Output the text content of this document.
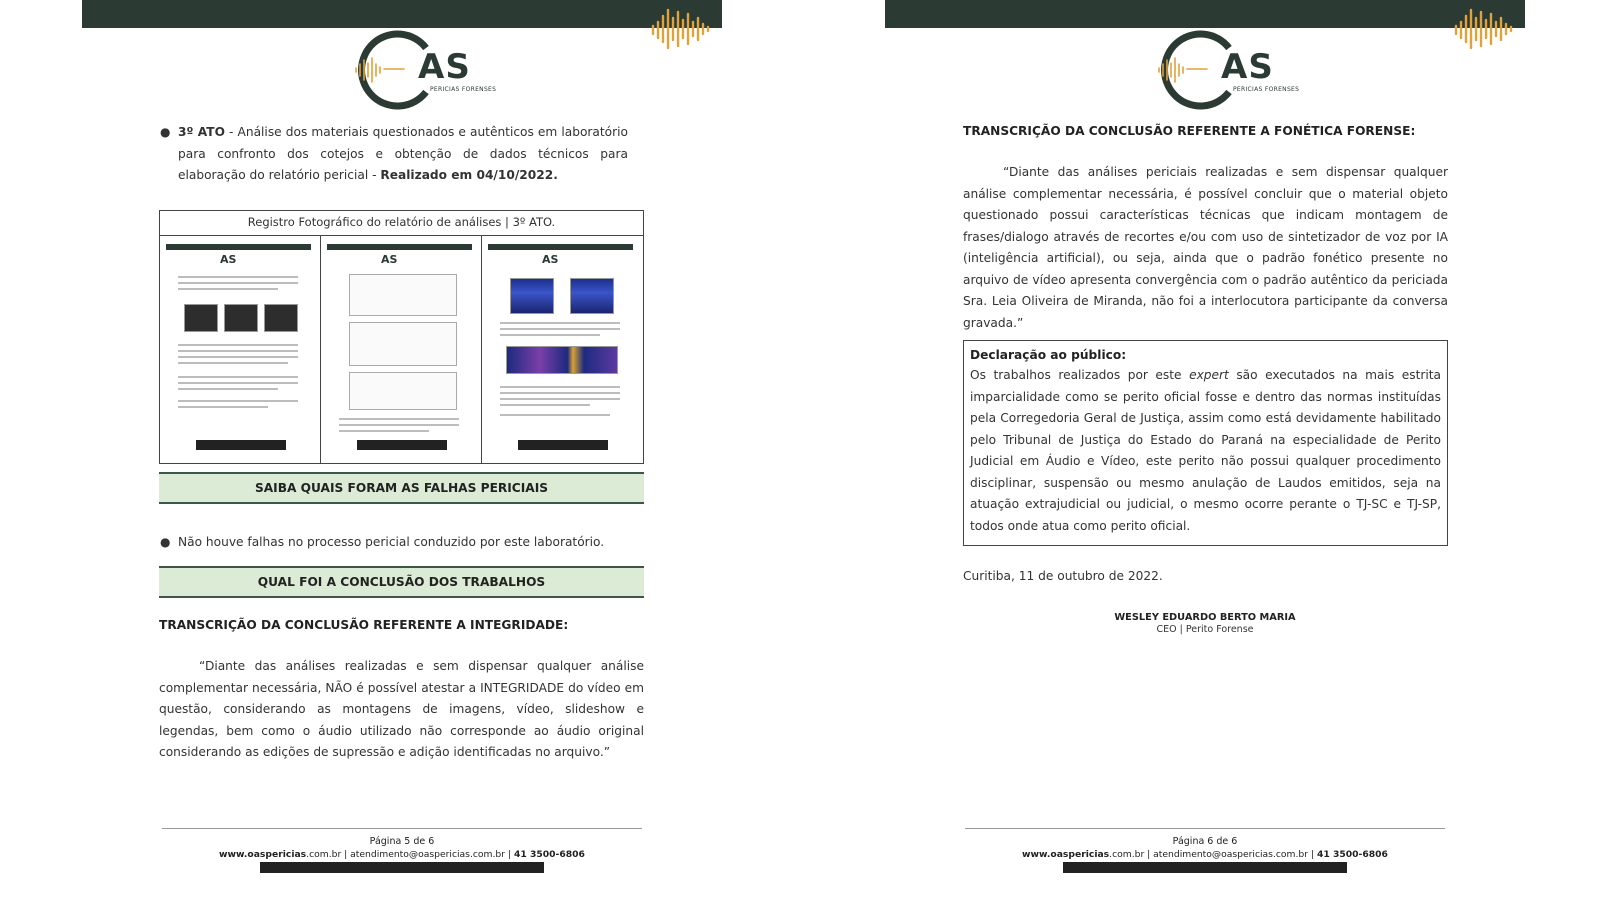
AS
PERICIAS FORENSES
● 3º ATO - Análise dos materiais questionados e autênticos em laboratório para confronto dos cotejos e obtenção de dados técnicos para elaboração do relatório pericial - Realizado em 04/10/2022.
Registro Fotográfico do relatório de análises | 3º ATO.
AS	AS	AS
SAIBA QUAIS FORAM AS FALHAS PERICIAIS
● Não houve falhas no processo pericial conduzido por este laboratório.
QUAL FOI A CONCLUSÃO DOS TRABALHOS
TRANSCRIÇÃO DA CONCLUSÃO REFERENTE A INTEGRIDADE:
“Diante das análises realizadas e sem dispensar qualquer análise complementar necessária, NÃO é possível atestar a INTEGRIDADE do vídeo em questão, considerando as montagens de imagens, vídeo, slideshow e legendas, bem como o áudio utilizado não corresponde ao áudio original considerando as edições de supressão e adição identificadas no arquivo.”
Página 5 de 6
www.oaspericias.com.br | atendimento@oaspericias.com.br | 41 3500-6806
AS
PERICIAS FORENSES
TRANSCRIÇÃO DA CONCLUSÃO REFERENTE A FONÉTICA FORENSE:
“Diante das análises periciais realizadas e sem dispensar qualquer análise complementar necessária, é possível concluir que o material objeto questionado possui características técnicas que indicam montagem de frases/dialogo através de recortes e/ou com uso de sintetizador de voz por IA (inteligência artificial), ou seja, ainda que o padrão fonético presente no arquivo de vídeo apresenta convergência com o padrão autêntico da periciada Sra. Leia Oliveira de Miranda, não foi a interlocutora participante da conversa gravada.”
Declaração ao público:
Os trabalhos realizados por este expert são executados na mais estrita imparcialidade como se perito oficial fosse e dentro das normas instituídas pela Corregedoria Geral de Justiça, assim como está devidamente habilitado pelo Tribunal de Justiça do Estado do Paraná na especialidade de Perito Judicial em Áudio e Vídeo, este perito não possui qualquer procedimento disciplinar, suspensão ou mesmo anulação de Laudos emitidos, seja na atuação extrajudicial ou judicial, o mesmo ocorre perante o TJ-SC e TJ-SP, todos onde atua como perito oficial.
Curitiba, 11 de outubro de 2022.
WESLEY EDUARDO BERTO MARIA
CEO | Perito Forense
Página 6 de 6
www.oaspericias.com.br | atendimento@oaspericias.com.br | 41 3500-6806
